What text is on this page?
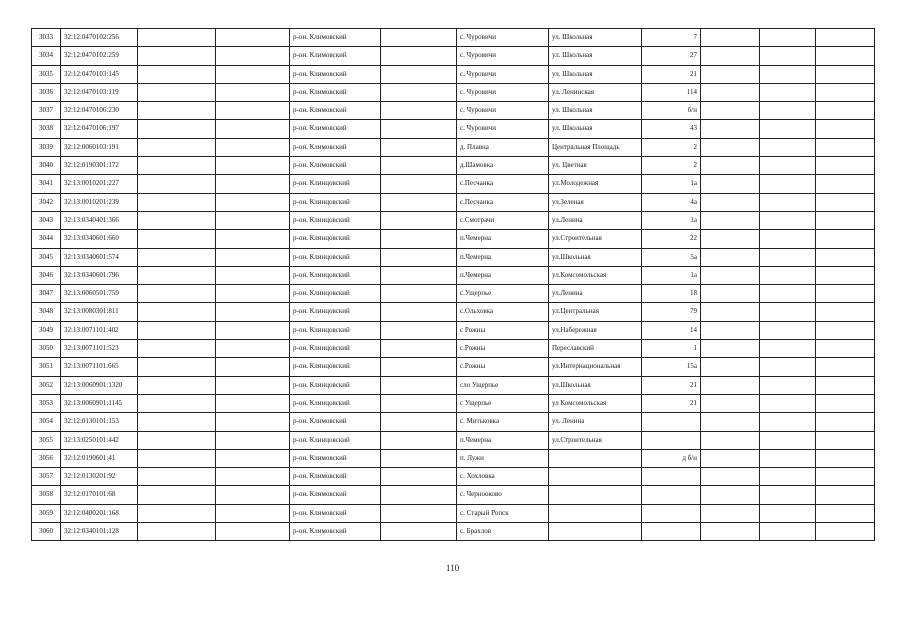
3033	32:12:0470102:256			р-он. Климовский		с. Чуровичи	ул. Школьная	7			
3034	32:12:0470102:259			р-он. Климовский		с. Чуровичи	ул. Школьная	27			
3035	32:12:0470103:145			р-он. Климовский		с. Чуровичи	ул. Школьная	21			
3036	32:12:0470103:119			р-он. Климовский		с. Чуровичи	ул. Ленинская	114			
3037	32:12:0470106:230			р-он. Климовский		с. Чуровичи	ул. Школьная	б/н			
3038	32:12:0470106:197			р-он. Климовский		с. Чуровичи	ул. Школьная	43			
3039	32:12:0060103:191			р-он. Климовский		д. Плавна	Центральная Площадь	2			
3040	32:12:0190301:172			р-он. Климовский		д.Шамовка	ул. Цветная	2			
3041	32:13:0010201:227			р-он. Клинцовский		с.Песчанка	ул.Молодежная	1а			
3042	32:13:0010201:239			р-он. Клинцовский		с.Песчанка	ул.Зеленая	4а			
3043	32:13:0340401:366			р-он. Клинцовский		с.Смотрачи	ул.Ленина	1а			
3044	32:13:0340601:660			р-он. Клинцовский		п.Чемерна	ул.Строительная	22			
3045	32:13:0340601:574			р-он. Клинцовский		п.Чемерна	ул.Школьная	5а			
3046	32:13:0340601:796			р-он. Клинцовский		п.Чемерна	ул.Комсомольская	1а			
3047	32:13:0060501:759			р-он. Клинцовский		с.Ущерпье	ул.Ленина	18			
3048	32:13:0080301:811			р-он. Клинцовский		с.Ольховка	ул.Центральная	79			
3049	32:13:0071101:402			р-он. Клинцовский		с Рожны	ул.Набережная	14			
3050	32:13:0071101:523			р-он. Клинцовский		с.Рожны	Переславский	1			
3051	32:13:0071101:665			р-он. Клинцовский		с.Рожны	ул.Интернациональная	15а			
3052	32:13:0060901:1320			р-он. Клинцовский		сло Ущерпье	ул.Школьная	21			
3053	32:13:0060901:1145			р-он. Клинцовский		с Ущерпье	ул Комсомольская	21			
3054	32:12:0130101:153			р-он. Климовский		с. Митьковка	ул. Ленина				
3055	32:13:0250101:442			р-он. Клинцовский		п.Чемерна	ул.Строительная				
3056	32:12:0190601:41			р-он. Климовский		п. Лужи		д б/н			
3057	32:12:0130201:92			р-он. Климовский		с. Хохловка					
3058	32:12:0170101:68			р-он. Климовский		с. Чернооково					
3059	32:12:0400201:168			р-он. Климовский		с. Старый Ропск					
3060	32:12:0340101:128			р-он. Климовский		с. Брахлов					
110
